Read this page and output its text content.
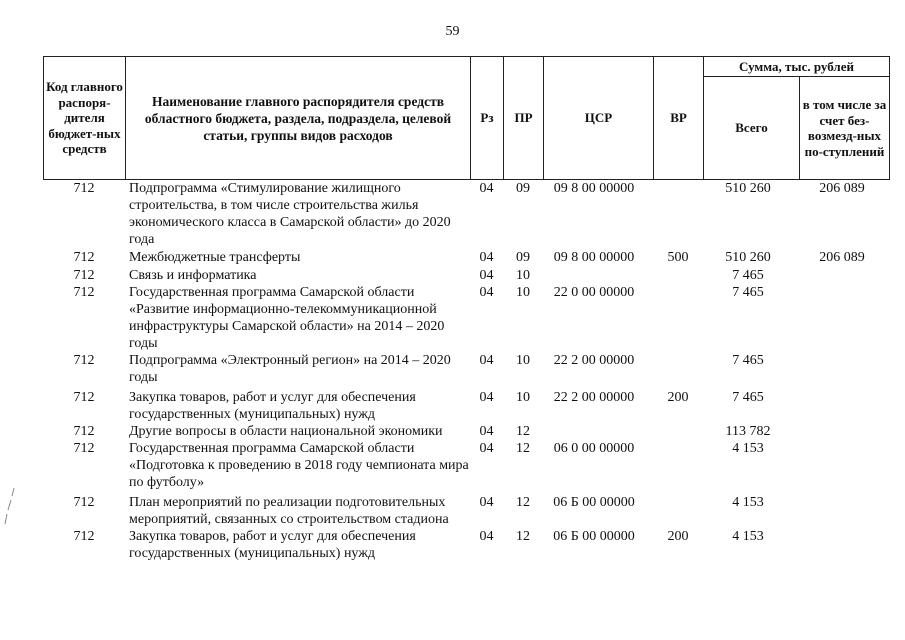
59
Код главного распоря-дителя бюджет-ных средств	Наименование главного распорядителя средств областного бюджета, раздела, подраздела, целевой статьи, группы видов расходов	Рз	ПР	ЦСР	ВР	Сумма, тыс. рублей	
						Всего	в том числе за счет без-возмезд-ных по-ступлений
712	Подпрограмма «Стимулирование жилищного строительства, в том числе строительства жилья экономического класса в Самарской области» до 2020 года	04	09	09 8 00 00000		510 260	206 089
712	Межбюджетные трансферты	04	09	09 8 00 00000	500	510 260	206 089
712	Связь и информатика	04	10			7 465	
712	Государственная программа Самарской области «Развитие информационно-телекоммуникационной инфраструктуры Самарской области» на 2014 – 2020 годы	04	10	22 0 00 00000		7 465	
712	Подпрограмма «Электронный регион» на 2014 – 2020 годы	04	10	22 2 00 00000		7 465	
712	Закупка товаров, работ и услуг для обеспечения государственных (муниципальных) нужд	04	10	22 2 00 00000	200	7 465	
712	Другие вопросы в области национальной экономики	04	12			113 782	
712	Государственная программа Самарской области «Подготовка к проведению в 2018 году чемпионата мира по футболу»	04	12	06 0 00 00000		4 153	
712	План мероприятий по реализации подготовительных мероприятий, связанных со строительством стадиона	04	12	06 Б 00 00000		4 153	
712	Закупка товаров, работ и услуг для обеспечения государственных (муниципальных) нужд	04	12	06 Б 00 00000	200	4 153	
